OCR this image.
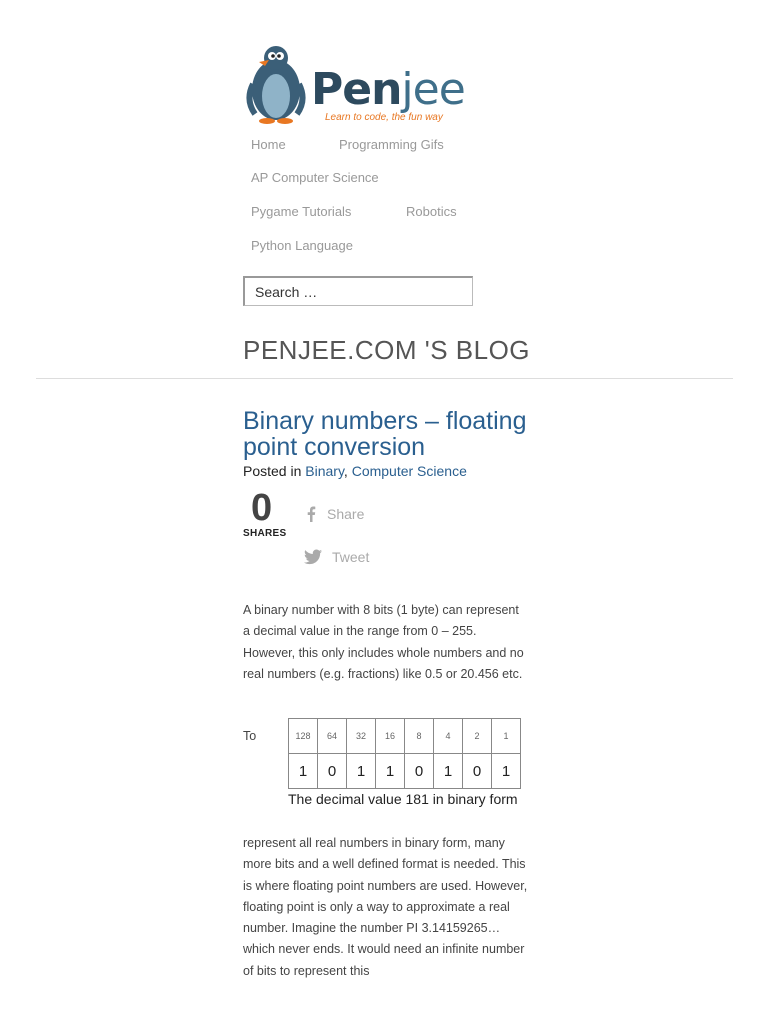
Penjee
Learn to code, the fun way
Home	Programming Gifs
AP Computer Science
Pygame Tutorials	Robotics
Python Language
Search …
PENJEE.COM 'S BLOG
Binary numbers – floating point conversion
Posted in Binary, Computer Science
0
SHARES
Share
Tweet
A binary number with 8 bits (1 byte) can represent a decimal value in the range from 0 – 255. However, this only includes whole numbers and no real numbers (e.g. fractions) like 0.5 or 20.456 etc.
To	128	64	32	16	8	4	2	1
1	0	1	1	0	1	0	1
The decimal value 181 in binary form
represent all real numbers in binary form, many more bits and a well defined format is needed. This is where floating point numbers are used. However, floating point is only a way to approximate a real number. Imagine the number PI 3.14159265… which never ends. It would need an infinite number of bits to represent this
